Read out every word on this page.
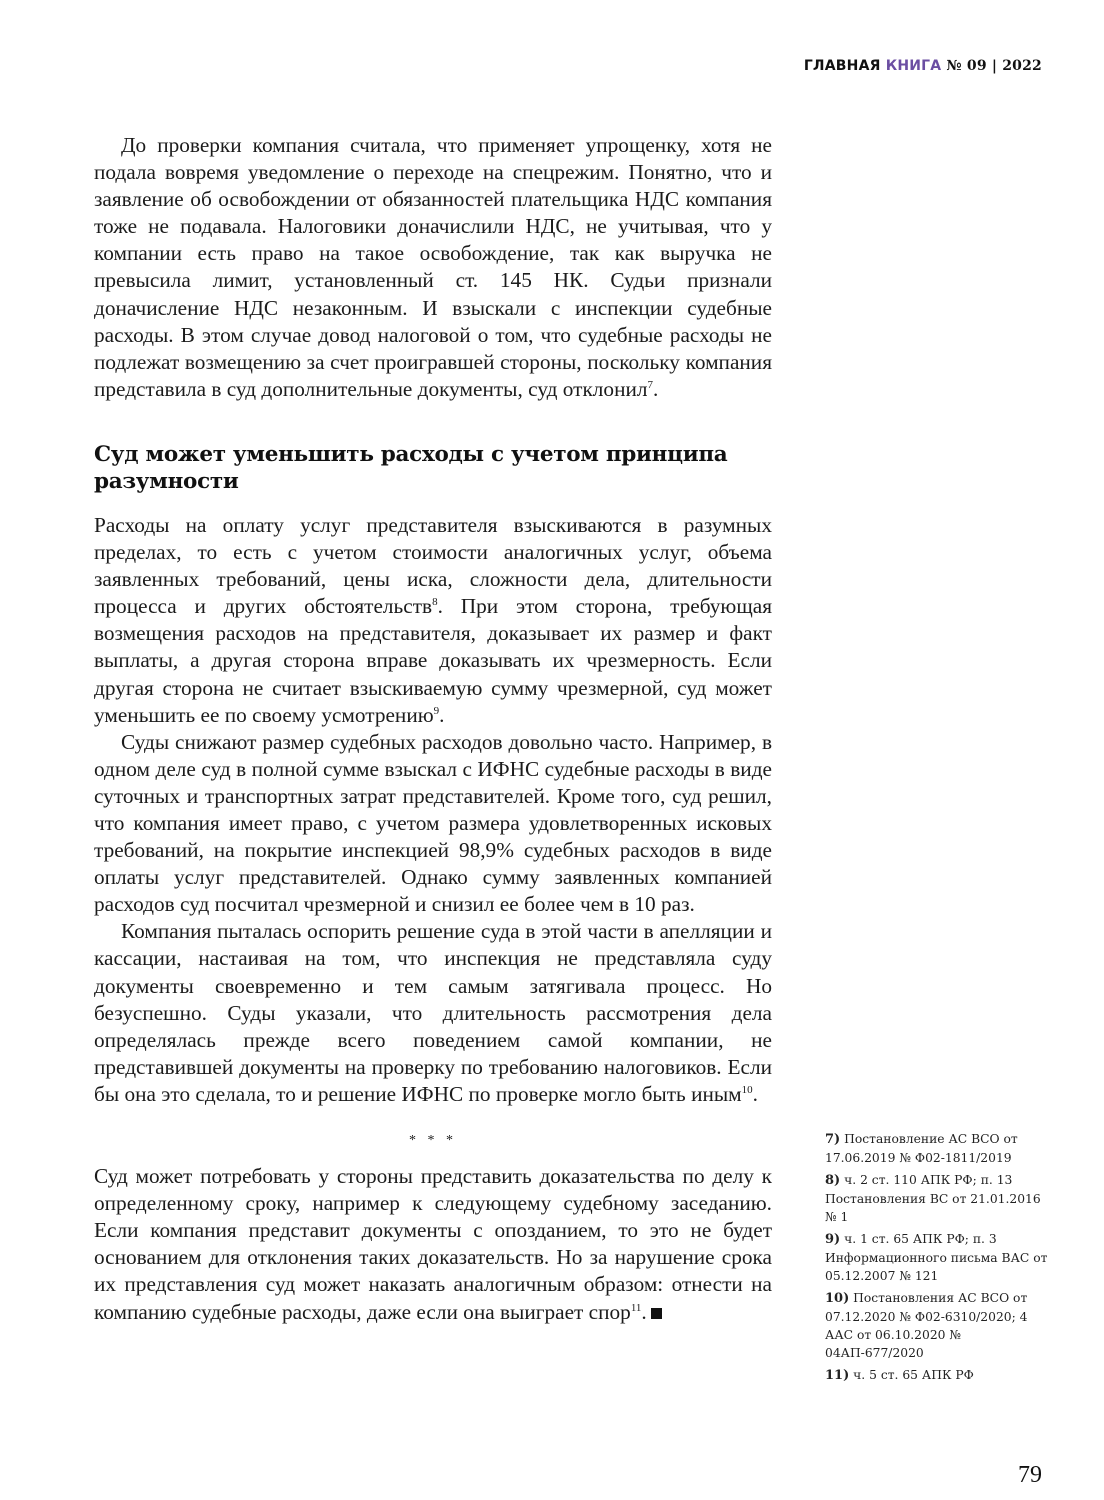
ГЛАВНАЯ КНИГА № 09 | 2022

До проверки компания считала, что применяет упрощенку, хотя не подала вовремя уведомление о переходе на спецрежим. Понятно, что и заявление об освобождении от обязанностей плательщика НДС компания тоже не подавала. Налоговики доначислили НДС, не учитывая, что у компании есть право на такое освобождение, так как выручка не превысила лимит, установленный ст. 145 НК. Судьи признали доначисление НДС незаконным. И взыскали с инспекции судебные расходы. В этом случае довод налоговой о том, что судебные расходы не подлежат возмещению за счет проигравшей стороны, поскольку компания представила в суд дополнительные документы, суд отклонил$^7$.

Суд может уменьшить расходы с учетом принципа разумности

Расходы на оплату услуг представителя взыскиваются в разумных пределах, то есть с учетом стоимости аналогичных услуг, объема заявленных требований, цены иска, сложности дела, длительности процесса и других обстоятельств$^8$. При этом сторона, требующая возмещения расходов на представителя, доказывает их размер и факт выплаты, а другая сторона вправе доказывать их чрезмерность. Если другая сторона не считает взыскиваемую сумму чрезмерной, суд может уменьшить ее по своему усмотрению$^9$.

Суды снижают размер судебных расходов довольно часто. Например, в одном деле суд в полной сумме взыскал с ИФНС судебные расходы в виде суточных и транспортных затрат представителей. Кроме того, суд решил, что компания имеет право, с учетом размера удовлетворенных исковых требований, на покрытие инспекцией 98,9% судебных расходов в виде оплаты услуг представителей. Однако сумму заявленных компанией расходов суд посчитал чрезмерной и снизил ее более чем в 10 раз.

Компания пыталась оспорить решение суда в этой части в апелляции и кассации, настаивая на том, что инспекция не представляла суду документы своевременно и тем самым затягивала процесс. Но безуспешно. Суды указали, что длительность рассмотрения дела определялась прежде всего поведением самой компании, не представившей документы на проверку по требованию налоговиков. Если бы она это сделала, то и решение ИФНС по проверке могло быть иным$^{10}$.

* * *

Суд может потребовать у стороны представить доказательства по делу к определенному сроку, например к следующему судебному заседанию. Если компания представит документы с опозданием, то это не будет основанием для отклонения таких доказательств. Но за нарушение срока их представления суд может наказать аналогичным образом: отнести на компанию судебные расходы, даже если она выиграет спор$^{11}$.

7) Постановление АС ВСО от 17.06.2019 № Ф02-1811/2019
8) ч. 2 ст. 110 АПК РФ; п. 13 Постановления ВС от 21.01.2016 № 1
9) ч. 1 ст. 65 АПК РФ; п. 3 Информационного письма ВАС от 05.12.2007 № 121
10) Постановления АС ВСО от 07.12.2020 № Ф02-6310/2020; 4 ААС от 06.10.2020 № 04АП-677/2020
11) ч. 5 ст. 65 АПК РФ
79
